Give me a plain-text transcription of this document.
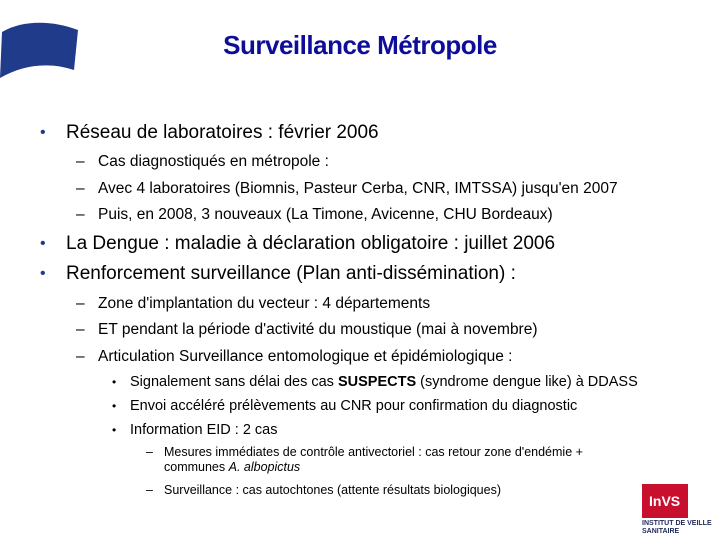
Surveillance Métropole
• Réseau de laboratoires : février 2006
– Cas diagnostiqués en métropole :
– Avec 4 laboratoires (Biomnis, Pasteur Cerba, CNR, IMTSSA) jusqu'en 2007
– Puis, en 2008, 3 nouveaux (La Timone, Avicenne, CHU Bordeaux)
• La Dengue : maladie à déclaration obligatoire : juillet 2006
• Renforcement surveillance (Plan anti-dissémination) :
– Zone d'implantation du vecteur : 4 départements
– ET pendant la période d'activité du moustique (mai à novembre)
– Articulation Surveillance entomologique et épidémiologique :
• Signalement sans délai des cas SUSPECTS (syndrome dengue like) à DDASS
• Envoi accéléré prélèvements au CNR pour confirmation du diagnostic
• Information EID : 2 cas
– Mesures immédiates de contrôle antivectoriel : cas retour zone d'endémie + communes A. albopictus
– Surveillance : cas autochtones (attente résultats biologiques)
InVS
INSTITUT DE VEILLE SANITAIRE
